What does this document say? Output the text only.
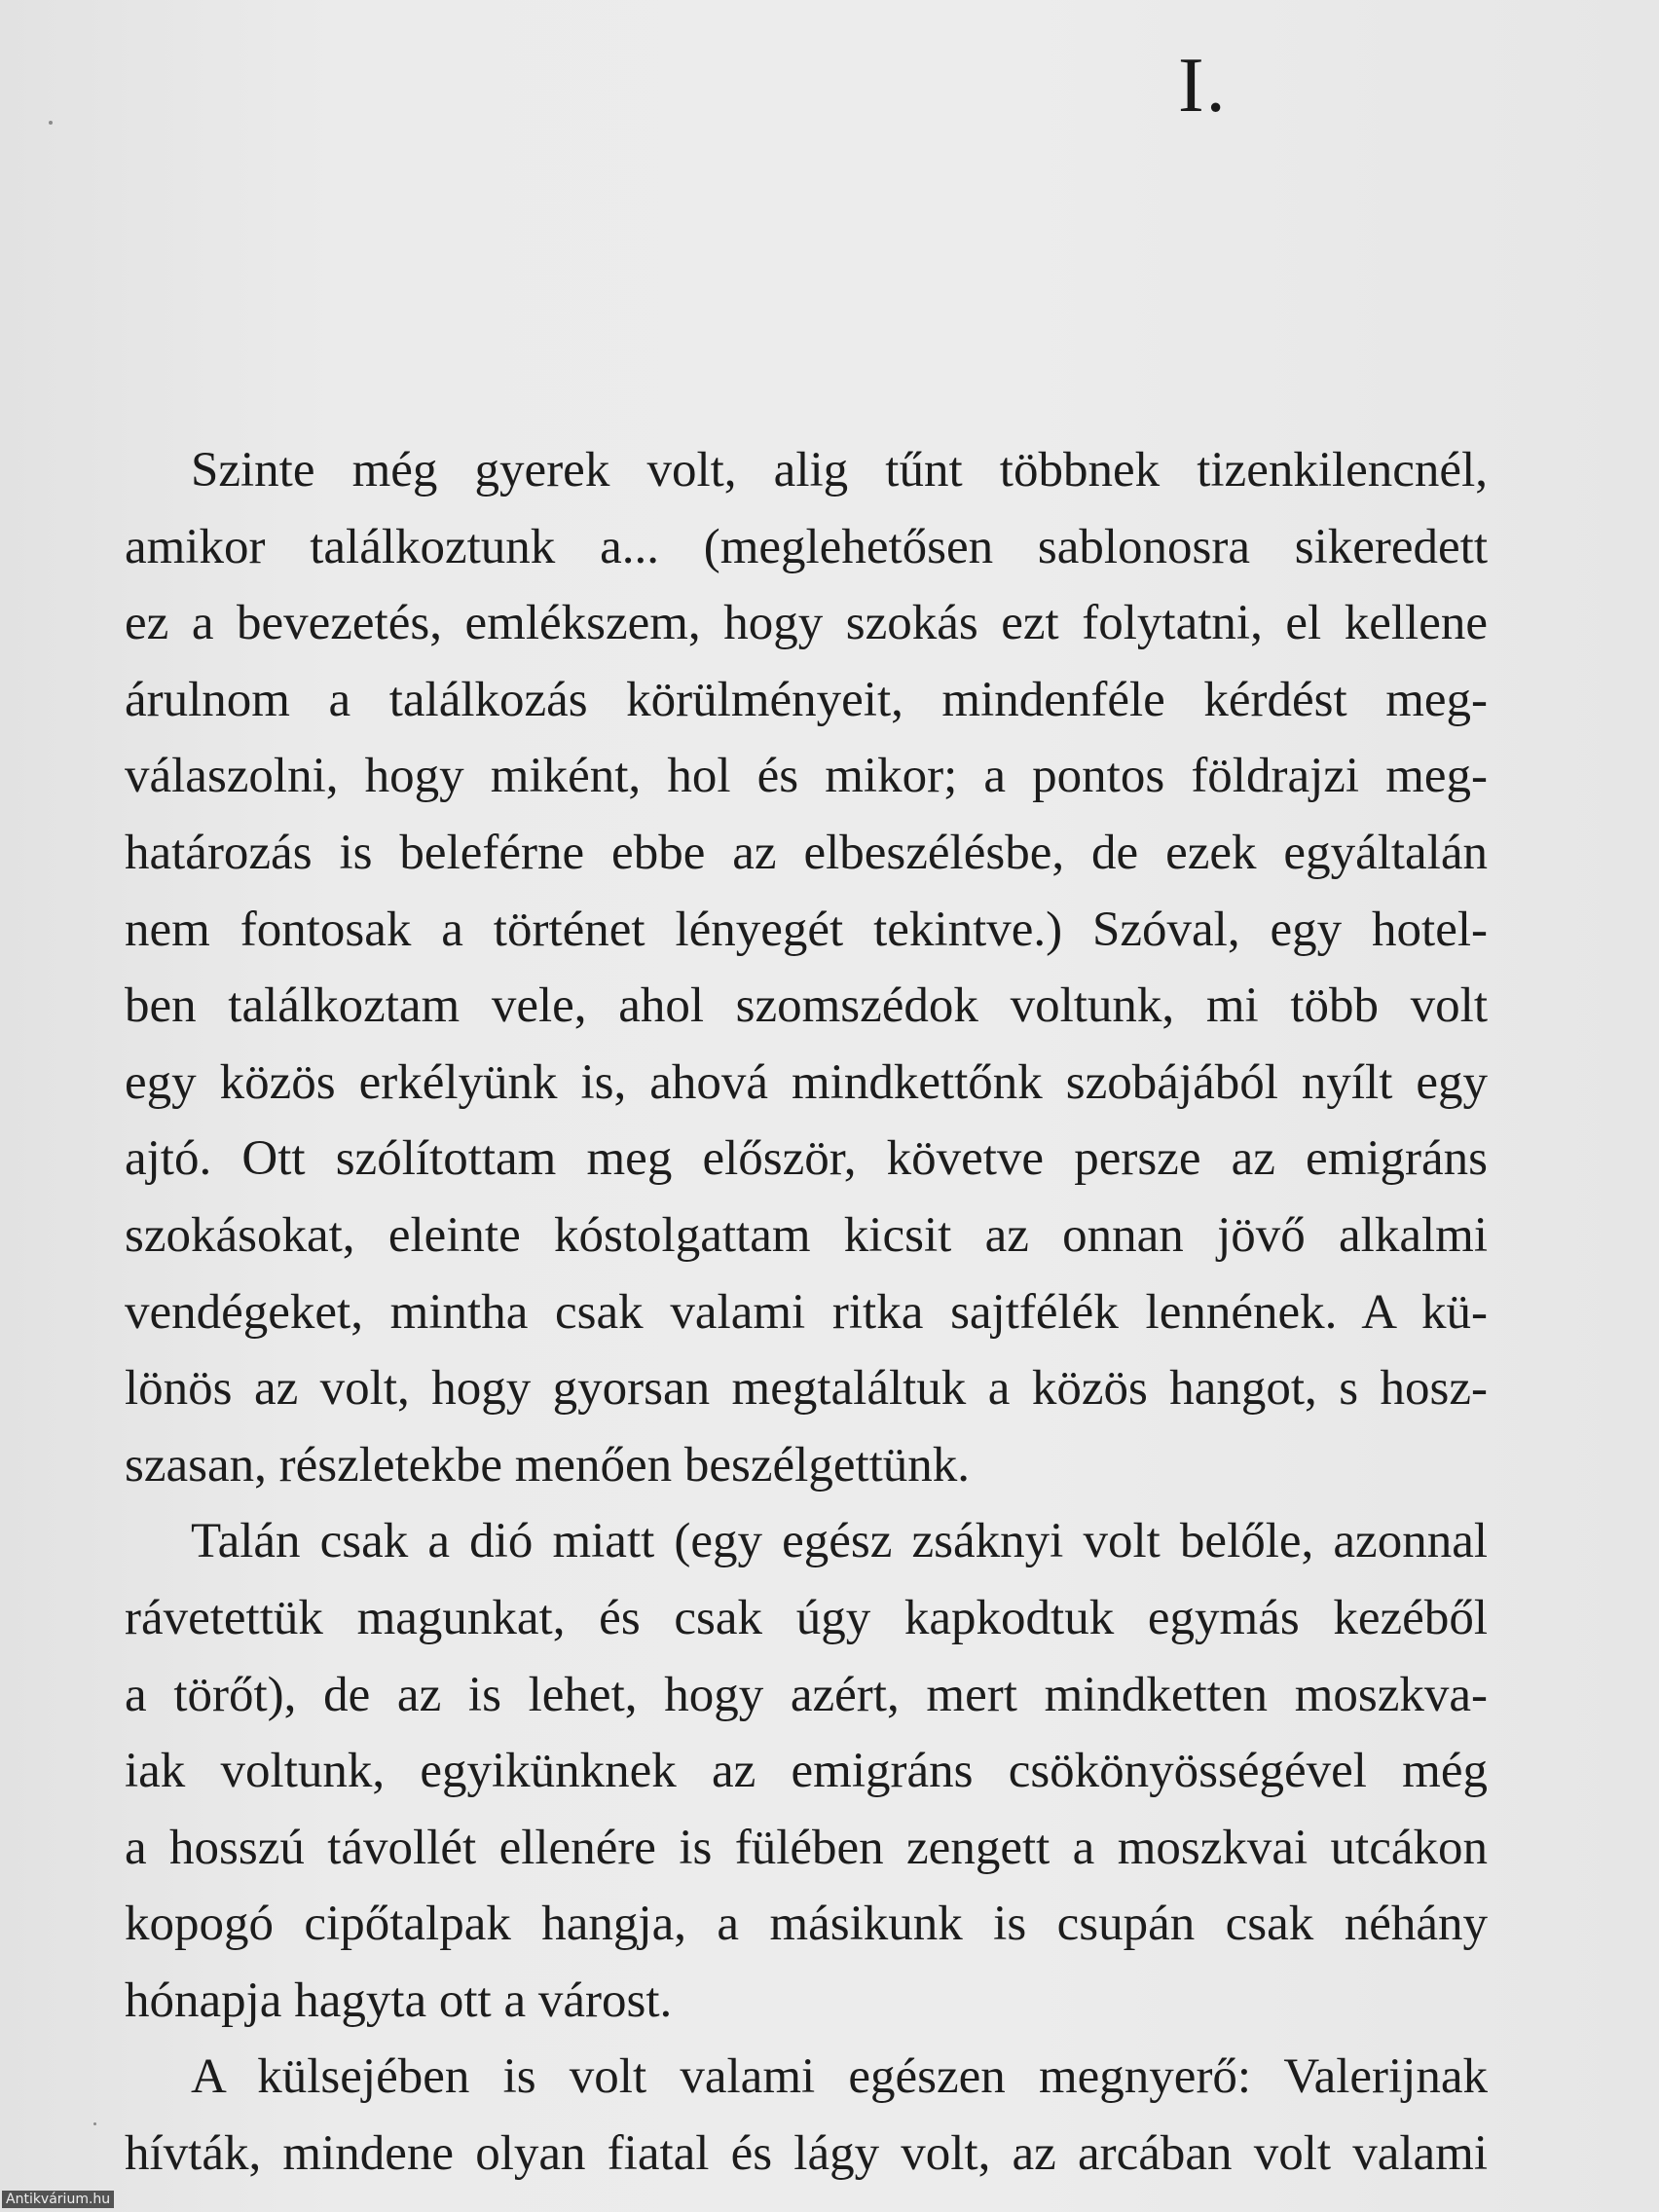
I.
Szinte még gyerek volt, alig tűnt többnek tizenkilencnél,
amikor találkoztunk a... (meglehetősen sablonosra sikeredett
ez a bevezetés, emlékszem, hogy szokás ezt folytatni, el kellene
árulnom a találkozás körülményeit, mindenféle kérdést meg-
válaszolni, hogy miként, hol és mikor; a pontos földrajzi meg-
határozás is beleférne ebbe az elbeszélésbe, de ezek egyáltalán
nem fontosak a történet lényegét tekintve.) Szóval, egy hotel-
ben találkoztam vele, ahol szomszédok voltunk, mi több volt
egy közös erkélyünk is, ahová mindkettőnk szobájából nyílt egy
ajtó. Ott szólítottam meg először, követve persze az emigráns
szokásokat, eleinte kóstolgattam kicsit az onnan jövő alkalmi
vendégeket, mintha csak valami ritka sajtfélék lennének. A kü-
lönös az volt, hogy gyorsan megtaláltuk a közös hangot, s hosz-
szasan, részletekbe menően beszélgettünk.
Talán csak a dió miatt (egy egész zsáknyi volt belőle, azonnal
rávetettük magunkat, és csak úgy kapkodtuk egymás kezéből
a törőt), de az is lehet, hogy azért, mert mindketten moszkva-
iak voltunk, egyikünknek az emigráns csökönyösségével még
a hosszú távollét ellenére is fülében zengett a moszkvai utcákon
kopogó cipőtalpak hangja, a másikunk is csupán csak néhány
hónapja hagyta ott a várost.
A külsejében is volt valami egészen megnyerő: Valerijnak
hívták, mindene olyan fiatal és lágy volt, az arcában volt valami
Antikvárium.hu
